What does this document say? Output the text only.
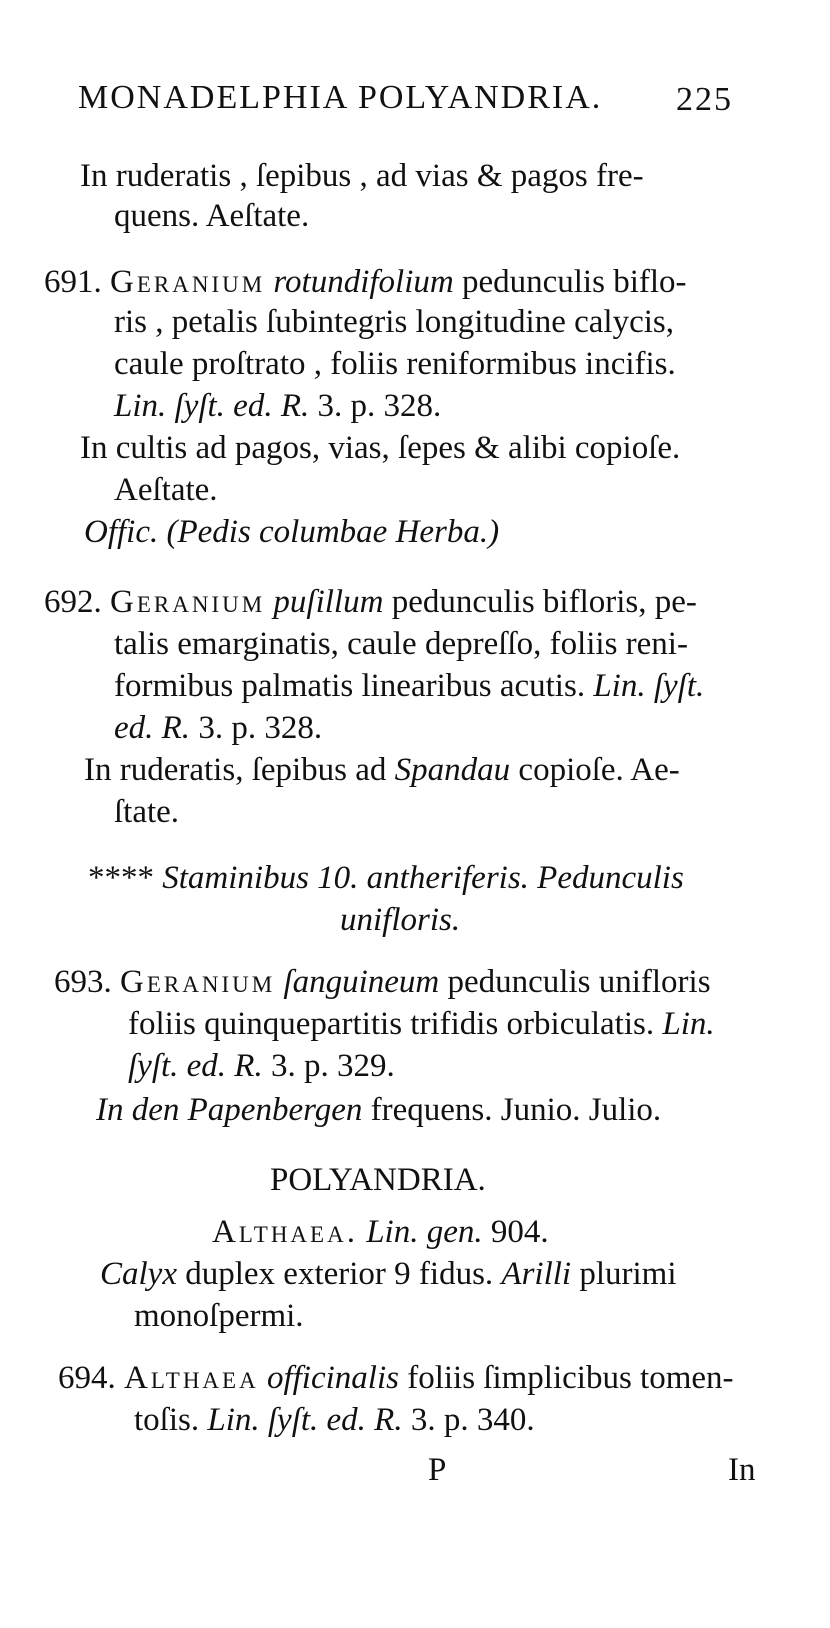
MONADELPHIA POLYANDRIA. 225
In ruderatis , ſepibus , ad vias & pagos fre-
quens. Aeſtate.
691. Geranium rotundifolium pedunculis biflo-
ris , petalis ſubintegris longitudine calycis,
caule proſtrato , foliis reniformibus incifis.
Lin. ſyſt. ed. R. 3. p. 328.
In cultis ad pagos, vias, ſepes & alibi copioſe.
Aeſtate.
Offic. (Pedis columbae Herba.)
692. Geranium puſillum pedunculis bifloris, pe-
talis emarginatis, caule depreſſo, foliis reni-
formibus palmatis linearibus acutis. Lin. ſyſt.
ed. R. 3. p. 328.
In ruderatis, ſepibus ad Spandau copioſe. Ae-
ſtate.
**** Staminibus 10. antheriferis. Pedunculis
unifloris.
693. Geranium ſanguineum pedunculis unifloris
foliis quinquepartitis trifidis orbiculatis. Lin.
ſyſt. ed. R. 3. p. 329.
In den Papenbergen frequens. Junio. Julio.
POLYANDRIA.
Althaea. Lin. gen. 904.
Calyx duplex exterior 9 fidus. Arilli plurimi
monoſpermi.
694. Althaea officinalis foliis ſimplicibus tomen-
toſis. Lin. ſyſt. ed. R. 3. p. 340.
P	In
